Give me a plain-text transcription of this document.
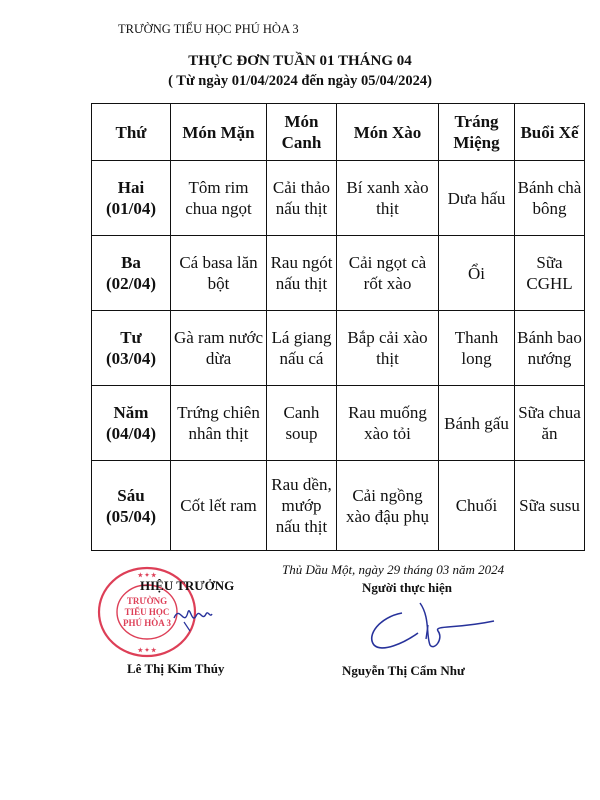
TRƯỜNG TIỂU HỌC PHÚ HÒA 3
THỰC ĐƠN TUẦN 01 THÁNG 04
( Từ ngày 01/04/2024 đến ngày 05/04/2024)
Thứ	Món Mặn	Món Canh	Món Xào	Tráng Miệng	Buổi Xế
Hai (01/04)	Tôm rim chua ngọt	Cải thảo nấu thịt	Bí xanh xào thịt	Dưa hấu	Bánh chà bông
Ba (02/04)	Cá basa lăn bột	Rau ngót nấu thịt	Cải ngọt cà rốt xào	Ổi	Sữa CGHL
Tư (03/04)	Gà ram nước dừa	Lá giang nấu cá	Bắp cải xào thịt	Thanh long	Bánh bao nướng
Năm (04/04)	Trứng chiên nhân thịt	Canh soup	Rau muống xào tỏi	Bánh gấu	Sữa chua ăn
Sáu (05/04)	Cốt lết ram	Rau dền, mướp nấu thịt	Cải ngồng xào đậu phụ	Chuối	Sữa susu
TRƯỜNG
TIỂU HỌC
PHÚ HÒA 3
★ ✦ ★
★ ✦ ★
HIỆU TRƯỞNG
Lê Thị Kim Thúy
Thủ Dầu Một, ngày 29 tháng 03 năm 2024
Người thực hiện
Nguyễn Thị Cẩm Như
